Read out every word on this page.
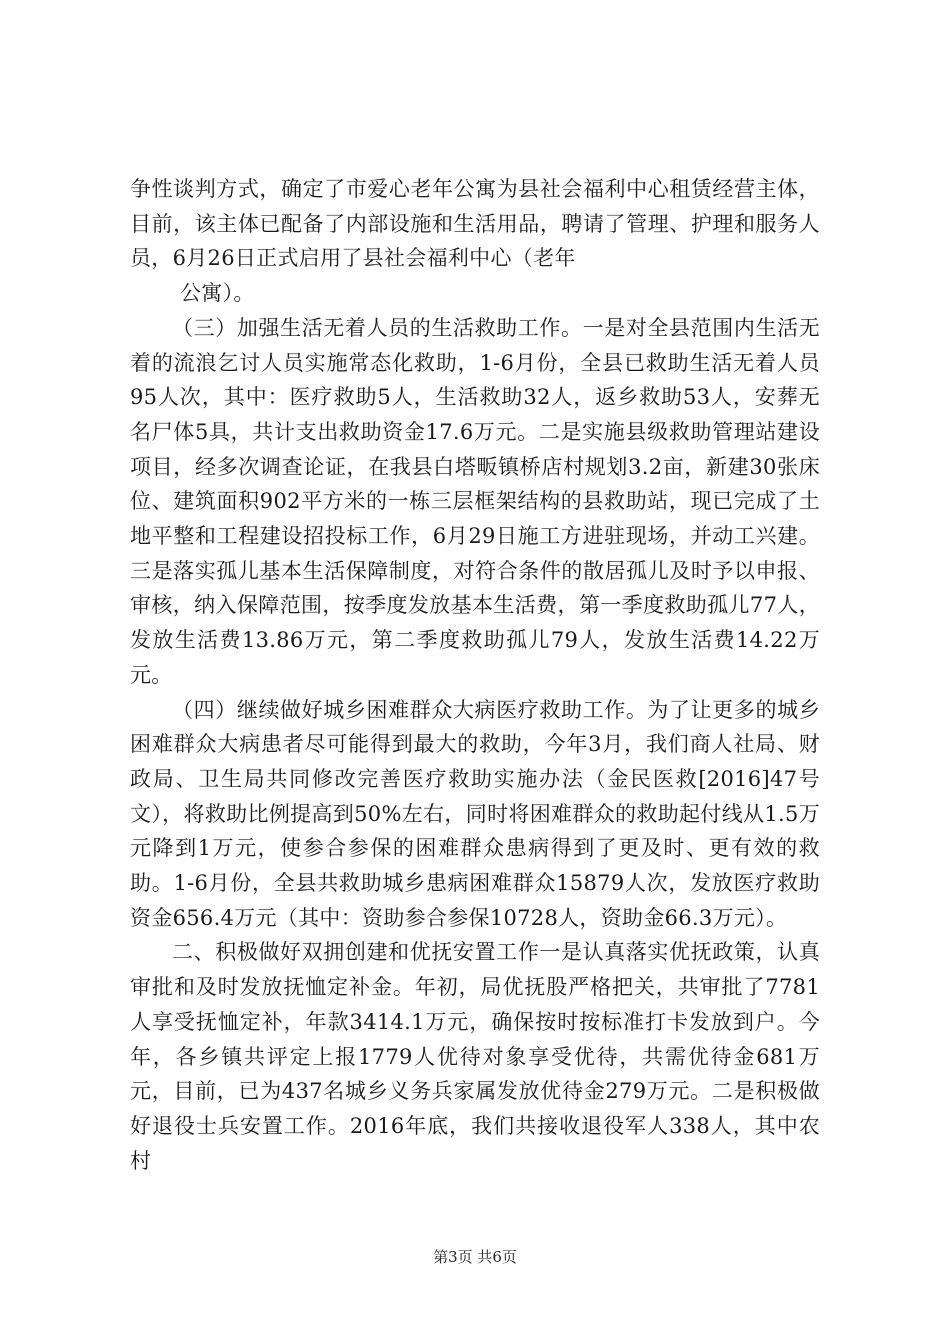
争性谈判方式，确定了市爱心老年公寓为县社会福利中心租赁经营主体，目前，该主体已配备了内部设施和生活用品，聘请了管理、护理和服务人员，6月26日正式启用了县社会福利中心（老年

公寓）。

（三）加强生活无着人员的生活救助工作。一是对全县范围内生活无着的流浪乞讨人员实施常态化救助，1-6月份，全县已救助生活无着人员95人次，其中：医疗救助5人，生活救助32人，返乡救助53人，安葬无名尸体5具，共计支出救助资金17.6万元。二是实施县级救助管理站建设项目，经多次调查论证，在我县白塔畈镇桥店村规划3.2亩，新建30张床位、建筑面积902平方米的一栋三层框架结构的县救助站，现已完成了土地平整和工程建设招投标工作，6月29日施工方进驻现场，并动工兴建。三是落实孤儿基本生活保障制度，对符合条件的散居孤儿及时予以申报、审核，纳入保障范围，按季度发放基本生活费，第一季度救助孤儿77人，发放生活费13.86万元，第二季度救助孤儿79人，发放生活费14.22万元。

（四）继续做好城乡困难群众大病医疗救助工作。为了让更多的城乡困难群众大病患者尽可能得到最大的救助，今年3月，我们商人社局、财政局、卫生局共同修改完善医疗救助实施办法（金民医救[2016]47号文），将救助比例提高到50%左右，同时将困难群众的救助起付线从1.5万元降到1万元，使参合参保的困难群众患病得到了更及时、更有效的救助。1-6月份，全县共救助城乡患病困难群众15879人次，发放医疗救助资金656.4万元（其中：资助参合参保10728人，资助金66.3万元）。

二、积极做好双拥创建和优抚安置工作一是认真落实优抚政策，认真审批和及时发放抚恤定补金。年初，局优抚股严格把关，共审批了7781人享受抚恤定补，年款3414.1万元，确保按时按标准打卡发放到户。今年，各乡镇共评定上报1779人优待对象享受优待，共需优待金681万元，目前，已为437名城乡义务兵家属发放优待金279万元。二是积极做好退役士兵安置工作。2016年底，我们共接收退役军人338人，其中农村

第3页 共6页
